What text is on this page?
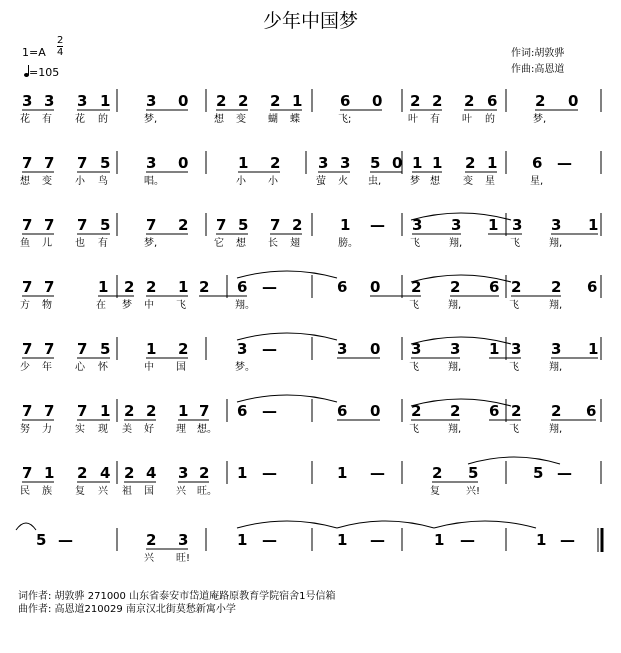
少年中国梦
1=A
2
4
=105
作词:胡敦骅
作曲:高恩道
3 3 3 1 3 0 2 2 2 1	6 0 2 2 2 6	2 0
花 有 花 的	梦,	想 变 蝴 蝶	飞;	叶 有 叶 的	梦,
7 7 7 5 3 0	1 2	3 3 5 0 1 1 2 1 6 —
想 变 小 鸟	唱。	小 小	萤 火 虫,	梦 想 变 星	星,
7 7 7 5 7 2 7 5 7 2	1 — 3 3 1 3 3 1
鱼 儿 也 有	梦,	它 想 长 翅	膀。	飞	翔,	飞	翔,
7 7	1 2 2 1 2 6 —	6 0 2 2 6 2 2 6
方 物	在 梦 中 飞	翔。	飞	翔,	飞	翔,
7 7 7 5 1 2	3 —	3 0 3 3 1 3 3 1
少 年 心 怀	中 国	梦。	飞	翔,	飞	翔,
7 7 7 1 2 2 1 7 6 —	6 0 2 2 6 2 2 6
努 力 实 现 美 好 理 想。	飞	翔,	飞	翔,
7 1 2 4 2 4 3 2 1 —	1 —	2 5	5 —
民 族 复 兴 祖 国 兴 旺。	复	兴!
5 —	2 3	1 —	1 —	1 —	1 —
兴 旺!
词作者: 胡敦骅 271000 山东省泰安市岱道庵路原教育学院宿舍1号信箱
曲作者: 高恩道210029 南京汉北街莫愁新寓小学
